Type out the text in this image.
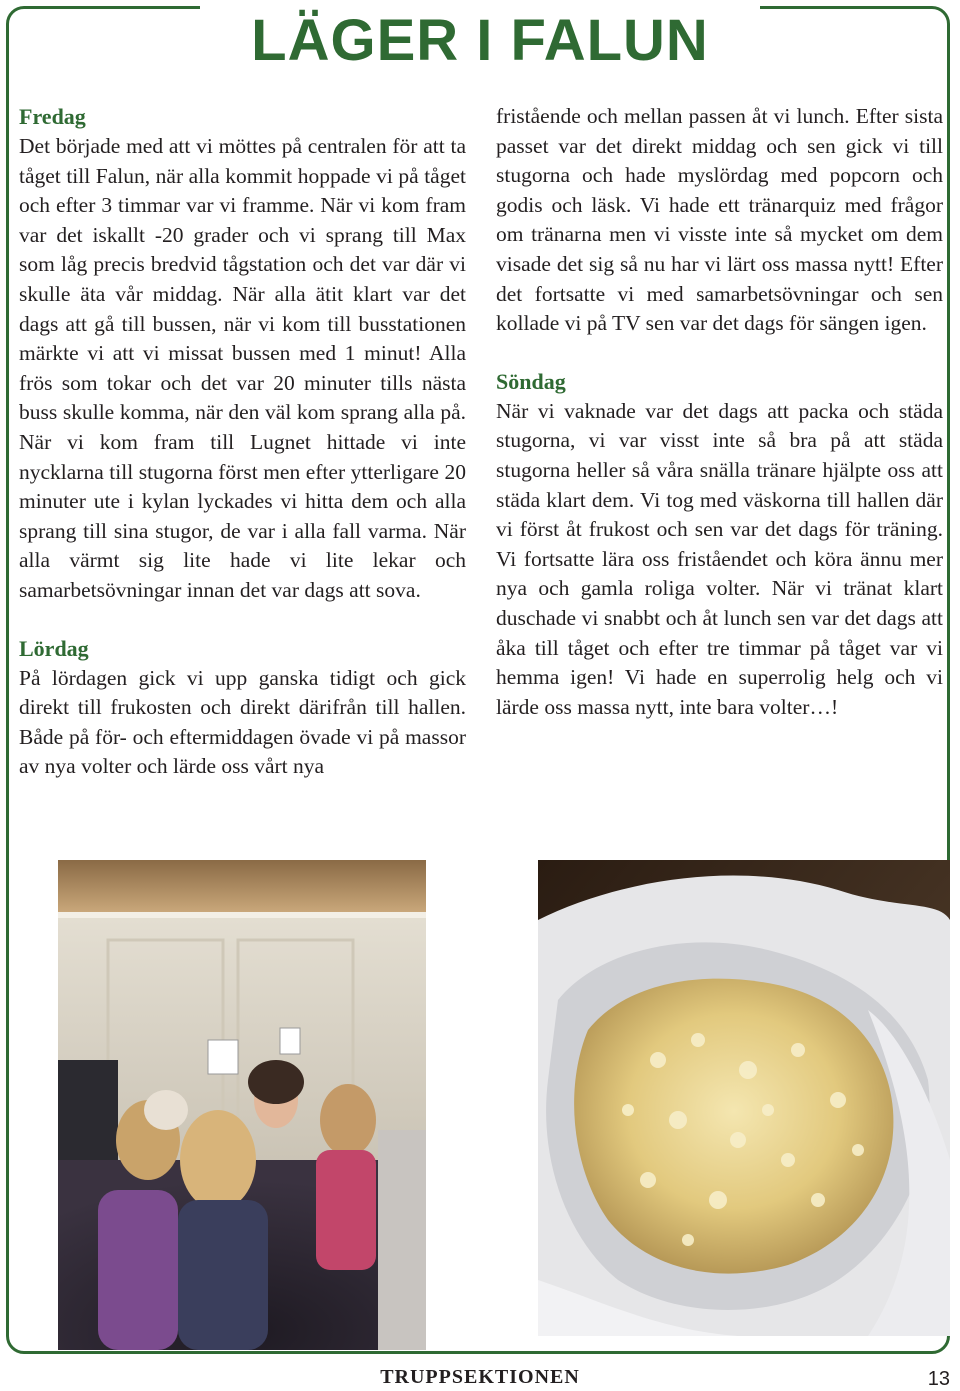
LÄGER I FALUN
Fredag

Det började med att vi möttes på centralen för att ta tåget till Falun, när alla kommit hoppade vi på tåget och efter 3 timmar var vi framme. När vi kom fram var det iskallt -20 grader och vi sprang till Max som låg precis bredvid tågstation och det var där vi skulle äta vår middag. När alla ätit klart var det dags att gå till bussen, när vi kom till busstationen märkte vi att vi missat bussen med 1 minut! Alla frös som tokar och det var 20 minuter tills nästa buss skulle komma, när den väl kom sprang alla på. När vi kom fram till Lugnet hittade vi inte nycklarna till stugorna först men efter ytterligare 20 minuter ute i kylan lyckades vi hitta dem och alla sprang till sina stugor, de var i alla fall varma. När alla värmt sig lite hade vi lite lekar och samarbetsövningar innan det var dags att sova.

Lördag

På lördagen gick vi upp ganska tidigt och gick direkt till frukosten och direkt därifrån till hallen. Både på för- och eftermiddagen övade vi på massor av nya volter och lärde oss vårt nya

fristående och mellan passen åt vi lunch. Efter sista passet var det direkt middag och sen gick vi till stugorna och hade myslördag med popcorn och godis och läsk. Vi hade ett tränarquiz med frågor om tränarna men vi visste inte så mycket om dem visade det sig så nu har vi lärt oss massa nytt! Efter det fortsatte vi med samarbetsövningar och sen kollade vi på TV sen var det dags för sängen igen.

Söndag

När vi vaknade var det dags att packa och städa stugorna, vi var visst inte så bra på att städa stugorna heller så våra snälla tränare hjälpte oss att städa klart dem. Vi tog med väskorna till hallen där vi först åt frukost och sen var det dags för träning. Vi fortsatte lära oss friståendet och köra ännu mer nya och gamla roliga volter. När vi tränat klart duschade vi snabbt och åt lunch sen var det dags att åka till tåget och efter tre timmar på tåget var vi hemma igen! Vi hade en superrolig helg och vi lärde oss massa nytt, inte bara volter…!

TRUPPSEKTIONEN	13
